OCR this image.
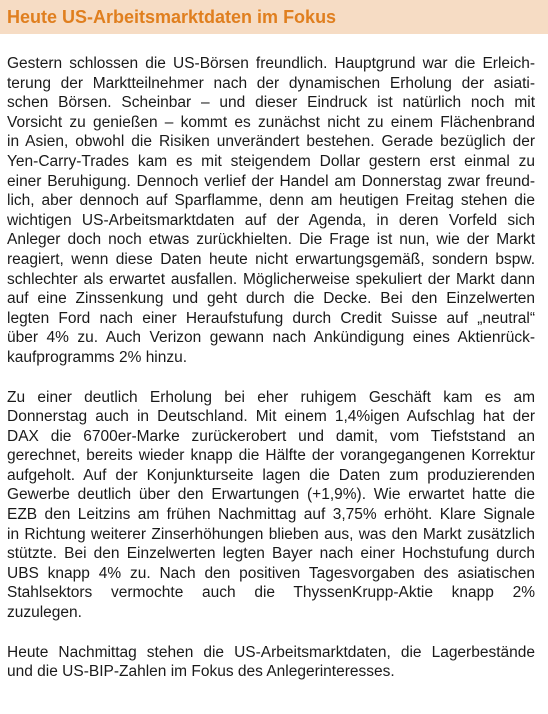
Heute US-Arbeitsmarktdaten im Fokus

Gestern schlossen die US-Börsen freundlich. Hauptgrund war die Erleich-
terung der Marktteilnehmer nach der dynamischen Erholung der asiati-
schen Börsen. Scheinbar – und dieser Eindruck ist natürlich noch mit
Vorsicht zu genießen – kommt es zunächst nicht zu einem Flächenbrand
in Asien, obwohl die Risiken unverändert bestehen. Gerade bezüglich der
Yen-Carry-Trades kam es mit steigendem Dollar gestern erst einmal zu
einer Beruhigung. Dennoch verlief der Handel am Donnerstag zwar freund-
lich, aber dennoch auf Sparflamme, denn am heutigen Freitag stehen die
wichtigen US-Arbeitsmarktdaten auf der Agenda, in deren Vorfeld sich
Anleger doch noch etwas zurückhielten. Die Frage ist nun, wie der Markt
reagiert, wenn diese Daten heute nicht erwartungsgemäß, sondern bspw.
schlechter als erwartet ausfallen. Möglicherweise spekuliert der Markt dann
auf eine Zinssenkung und geht durch die Decke. Bei den Einzelwerten
legten Ford nach einer Heraufstufung durch Credit Suisse auf „neutral“
über 4% zu. Auch Verizon gewann nach Ankündigung eines Aktienrück-
kaufprogramms 2% hinzu.

Zu einer deutlich Erholung bei eher ruhigem Geschäft kam es am
Donnerstag auch in Deutschland. Mit einem 1,4%igen Aufschlag hat der
DAX die 6700er-Marke zurückerobert und damit, vom Tiefststand an
gerechnet, bereits wieder knapp die Hälfte der vorangegangenen Korrektur
aufgeholt. Auf der Konjunkturseite lagen die Daten zum produzierenden
Gewerbe deutlich über den Erwartungen (+1,9%). Wie erwartet hatte die
EZB den Leitzins am frühen Nachmittag auf 3,75% erhöht. Klare Signale
in Richtung weiterer Zinserhöhungen blieben aus, was den Markt zusätzlich
stützte. Bei den Einzelwerten legten Bayer nach einer Hochstufung durch
UBS knapp 4% zu. Nach den positiven Tagesvorgaben des asiatischen
Stahlsektors vermochte auch die ThyssenKrupp-Aktie knapp 2%
zuzulegen.

Heute Nachmittag stehen die US-Arbeitsmarktdaten, die Lagerbestände
und die US-BIP-Zahlen im Fokus des Anlegerinteresses.
